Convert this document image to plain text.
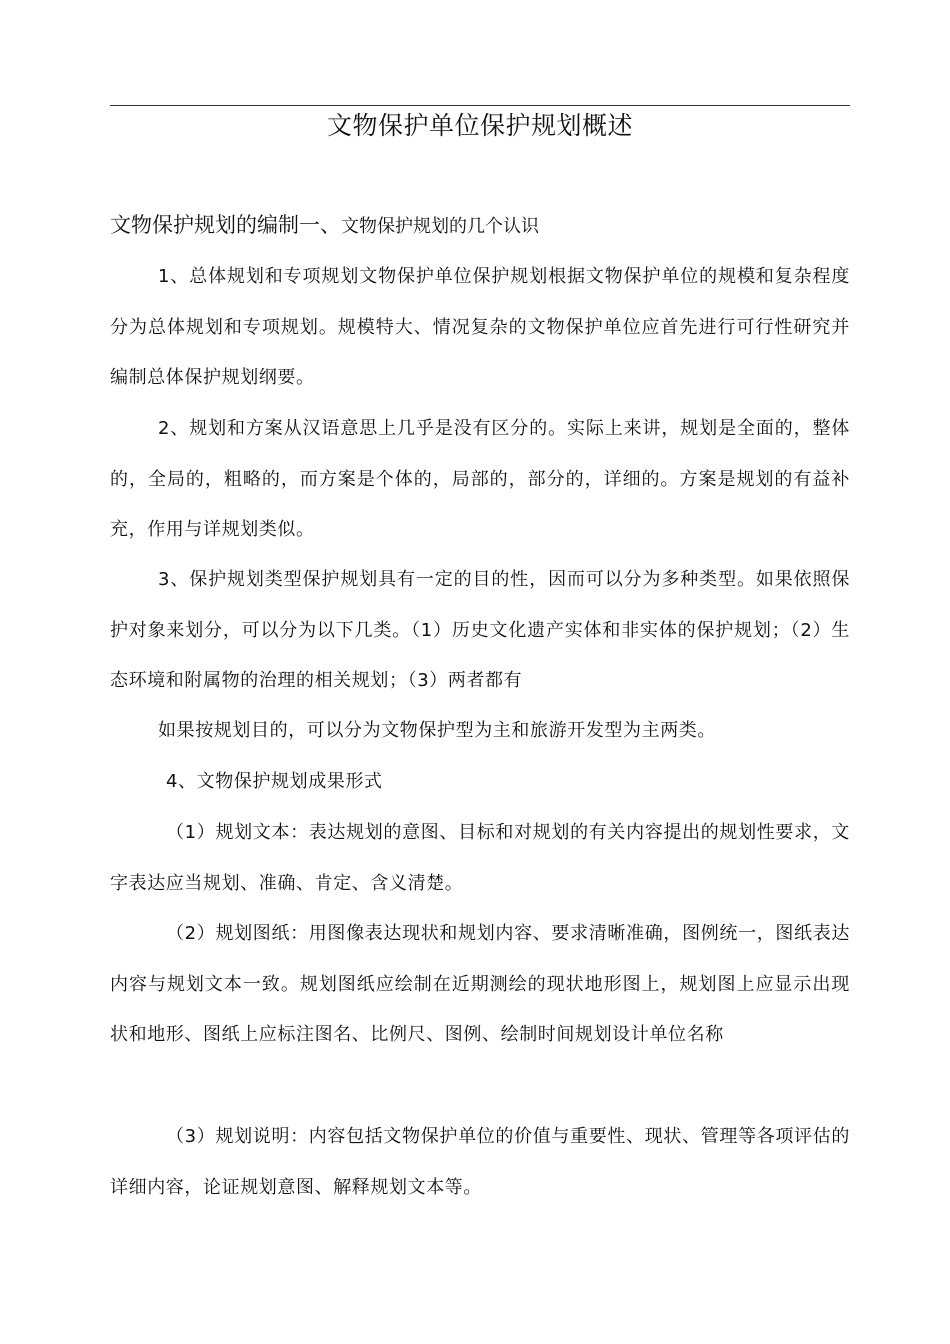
文物保护单位保护规划概述
文物保护规划的编制一、文物保护规划的几个认识

1、总体规划和专项规划文物保护单位保护规划根据文物保护单位的规模和复杂程度分为总体规划和专项规划。规模特大、情况复杂的文物保护单位应首先进行可行性研究并编制总体保护规划纲要。

2、规划和方案从汉语意思上几乎是没有区分的。实际上来讲，规划是全面的，整体的，全局的，粗略的，而方案是个体的，局部的，部分的，详细的。方案是规划的有益补充，作用与详规划类似。

3、保护规划类型保护规划具有一定的目的性，因而可以分为多种类型。如果依照保护对象来划分，可以分为以下几类。（1）历史文化遗产实体和非实体的保护规划；（2）生态环境和附属物的治理的相关规划；（3）两者都有

如果按规划目的，可以分为文物保护型为主和旅游开发型为主两类。

4、文物保护规划成果形式

（1）规划文本：表达规划的意图、目标和对规划的有关内容提出的规划性要求，文字表达应当规划、准确、肯定、含义清楚。

（2）规划图纸：用图像表达现状和规划内容、要求清晰准确，图例统一，图纸表达内容与规划文本一致。规划图纸应绘制在近期测绘的现状地形图上，规划图上应显示出现状和地形、图纸上应标注图名、比例尺、图例、绘制时间规划设计单位名称

（3）规划说明：内容包括文物保护单位的价值与重要性、现状、管理等各项评估的详细内容，论证规划意图、解释规划文本等。
